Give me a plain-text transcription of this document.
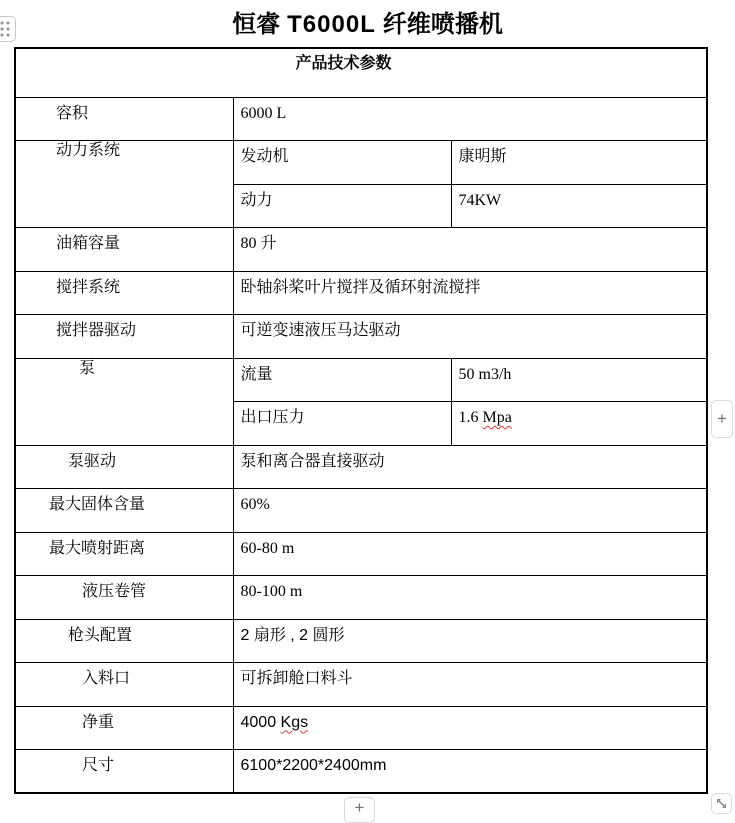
恒睿 T6000L 纤维喷播机
产品技术参数		
容积	6000 L	
动力系统	发动机	康明斯
	动力	74KW
油箱容量	80 升	
搅拌系统	卧轴斜桨叶片搅拌及循环射流搅拌	
搅拌器驱动	可逆变速液压马达驱动	
泵	流量	50 m3/h
	出口压力	1.6 Mpa
泵驱动	泵和离合器直接驱动	
最大固体含量	60%	
最大喷射距离	60-80 m	
液压卷管	80-100 m	
枪头配置	2 扇形 , 2 圆形	
入料口	可拆卸舱口料斗	
净重	4000 Kgs	
尺寸	6100*2200*2400mm	
+
+
